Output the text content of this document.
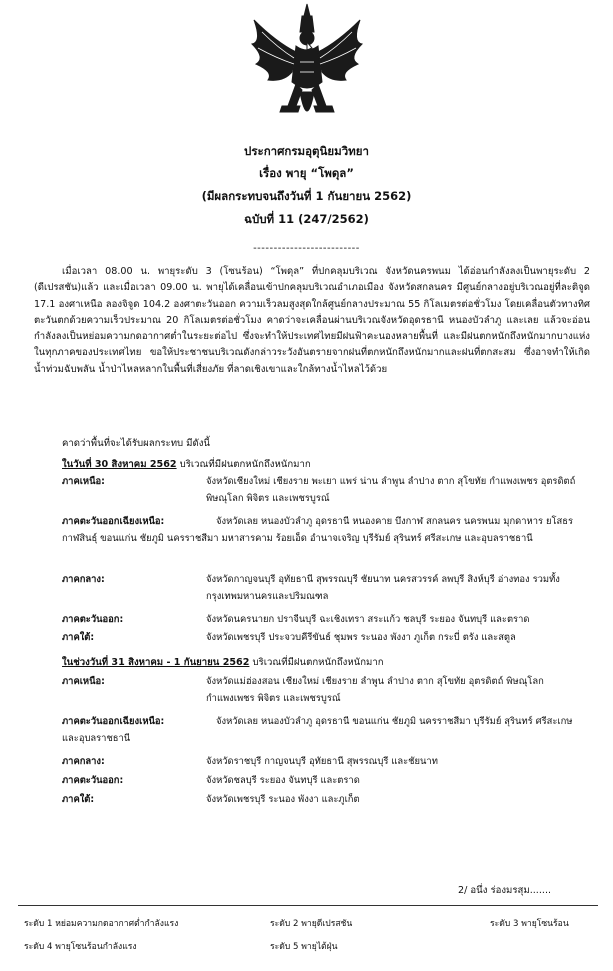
ประกาศกรมอุตุนิยมวิทยา
เรื่อง พายุ “โพดุล”
(มีผลกระทบจนถึงวันที่ 1 กันยายน 2562)
ฉบับที่ 11 (247/2562)
--------------------------
เมื่อเวลา 08.00 น. พายุระดับ 3 (โซนร้อน) “โพดุล” ที่ปกคลุมบริเวณ จังหวัดนครพนม ได้อ่อนกำลังลงเป็นพายุระดับ 2 (ดีเปรสชัน)แล้ว และเมื่อเวลา 09.00 น. พายุได้เคลื่อนเข้าปกคลุมบริเวณอำเภอเมือง จังหวัดสกลนคร มีศูนย์กลางอยู่บริเวณอยู่ที่ละติจูด 17.1 องศาเหนือ ลองจิจูด 104.2 องศาตะวันออก ความเร็วลมสูงสุดใกล้ศูนย์กลางประมาณ 55 กิโลเมตรต่อชั่วโมง โดยเคลื่อนตัวทางทิศตะวันตกด้วยความเร็วประมาณ 20 กิโลเมตรต่อชั่วโมง คาดว่าจะเคลื่อนผ่านบริเวณจังหวัดอุดรธานี หนองบัวลำภู และเลย แล้วจะอ่อนกำลังลงเป็นหย่อมความกดอากาศต่ำในระยะต่อไป ซึ่งจะทำให้ประเทศไทยมีฝนฟ้าคะนองหลายพื้นที่ และมีฝนตกหนักถึงหนักมากบางแห่งในทุกภาคของประเทศไทย ขอให้ประชาชนบริเวณดังกล่าวระวังอันตรายจากฝนที่ตกหนักถึงหนักมากและฝนที่ตกสะสม ซึ่งอาจทำให้เกิดน้ำท่วมฉับพลัน น้ำป่าไหลหลากในพื้นที่เสี่ยงภัย ที่ลาดเชิงเขาและใกล้ทางน้ำไหลไว้ด้วย
คาดว่าพื้นที่จะได้รับผลกระทบ มีดังนี้
ในวันที่ 30 สิงหาคม 2562 บริเวณที่มีฝนตกหนักถึงหนักมาก
ภาคเหนือ:	จังหวัดเชียงใหม่ เชียงราย พะเยา แพร่ น่าน ลำพูน ลำปาง ตาก สุโขทัย กำแพงเพชร อุตรดิตถ์ พิษณุโลก พิจิตร และเพชรบูรณ์
ภาคตะวันออกเฉียงเหนือ:	จังหวัดเลย หนองบัวลำภู อุดรธานี หนองคาย บึงกาฬ สกลนคร นครพนม มุกดาหาร ยโสธร กาฬสินธุ์ ขอนแก่น ชัยภูมิ นครราชสีมา มหาสารคาม ร้อยเอ็ด อำนาจเจริญ บุรีรัมย์ สุรินทร์ ศรีสะเกษ และอุบลราชธานี
ภาคกลาง:	จังหวัดกาญจนบุรี อุทัยธานี สุพรรณบุรี ชัยนาท นครสวรรค์ ลพบุรี สิงห์บุรี อ่างทอง รวมทั้งกรุงเทพมหานครและปริมณฑล
ภาคตะวันออก:	จังหวัดนครนายก ปราจีนบุรี ฉะเชิงเทรา สระแก้ว ชลบุรี ระยอง จันทบุรี และตราด
ภาคใต้:	จังหวัดเพชรบุรี ประจวบคีรีขันธ์ ชุมพร ระนอง พังงา ภูเก็ต กระบี่ ตรัง และสตูล
ในช่วงวันที่ 31 สิงหาคม - 1 กันยายน 2562 บริเวณที่มีฝนตกหนักถึงหนักมาก
ภาคเหนือ:	จังหวัดแม่ฮ่องสอน เชียงใหม่ เชียงราย ลำพูน ลำปาง ตาก สุโขทัย อุตรดิตถ์ พิษณุโลก กำแพงเพชร พิจิตร และเพชรบูรณ์
ภาคตะวันออกเฉียงเหนือ:	จังหวัดเลย หนองบัวลำภู อุดรธานี ขอนแก่น ชัยภูมิ นครราชสีมา บุรีรัมย์ สุรินทร์ ศรีสะเกษ และอุบลราชธานี
ภาคกลาง:	จังหวัดราชบุรี กาญจนบุรี อุทัยธานี สุพรรณบุรี และชัยนาท
ภาคตะวันออก:	จังหวัดชลบุรี ระยอง จันทบุรี และตราด
ภาคใต้:	จังหวัดเพชรบุรี ระนอง พังงา และภูเก็ต
2/ อนึ่ง ร่องมรสุม.......
ระดับ 1 หย่อมความกดอากาศต่ำกำลังแรง	ระดับ 2 พายุดีเปรสชัน	ระดับ 3 พายุโซนร้อน
ระดับ 4 พายุโซนร้อนกำลังแรง	ระดับ 5 พายุไต้ฝุ่น
